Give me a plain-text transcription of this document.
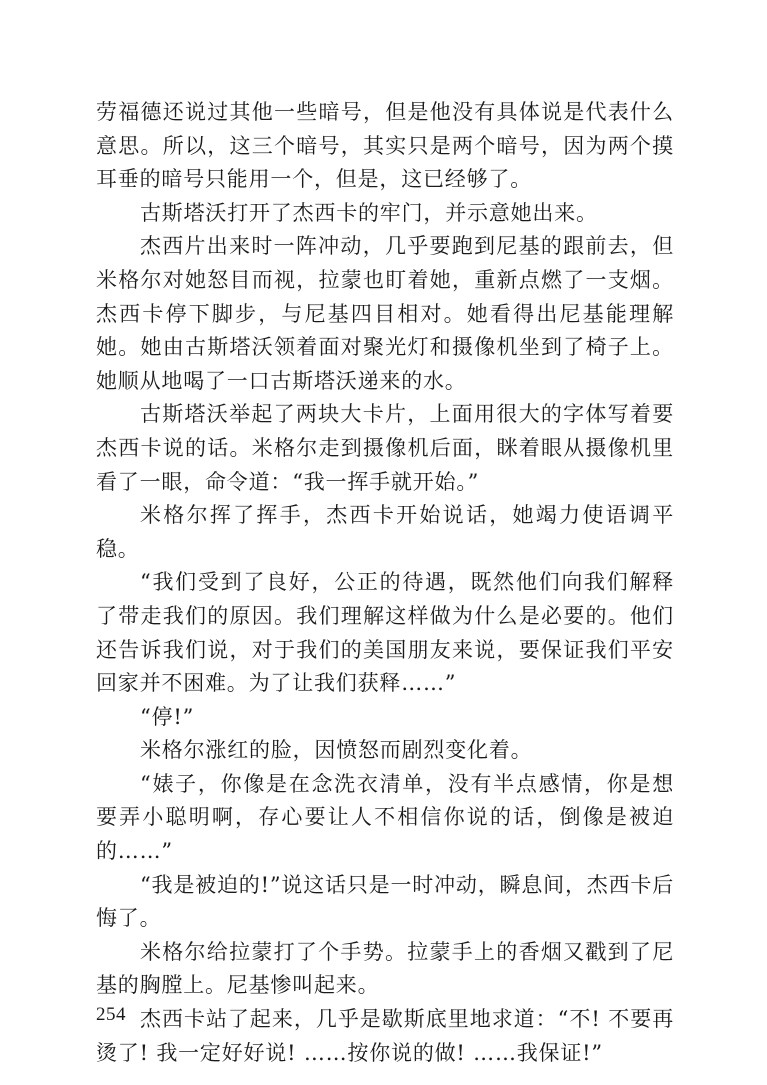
劳福德还说过其他一些暗号，但是他没有具体说是代表什么意思。所以，这三个暗号，其实只是两个暗号，因为两个摸耳垂的暗号只能用一个，但是，这已经够了。

古斯塔沃打开了杰西卡的牢门，并示意她出来。

杰西片出来时一阵冲动，几乎要跑到尼基的跟前去，但米格尔对她怒目而视，拉蒙也盯着她，重新点燃了一支烟。杰西卡停下脚步，与尼基四目相对。她看得出尼基能理解她。她由古斯塔沃领着面对聚光灯和摄像机坐到了椅子上。她顺从地喝了一口古斯塔沃递来的水。

古斯塔沃举起了两块大卡片，上面用很大的字体写着要杰西卡说的话。米格尔走到摄像机后面，眯着眼从摄像机里看了一眼，命令道：“我一挥手就开始。”

米格尔挥了挥手，杰西卡开始说话，她竭力使语调平稳。

“我们受到了良好，公正的待遇，既然他们向我们解释了带走我们的原因。我们理解这样做为什么是必要的。他们还告诉我们说，对于我们的美国朋友来说，要保证我们平安回家并不困难。为了让我们获释……”

“停!”

米格尔涨红的脸，因愤怒而剧烈变化着。

“婊子，你像是在念洗衣清单，没有半点感情，你是想要弄小聪明啊，存心要让人不相信你说的话，倒像是被迫的……”

“我是被迫的!”说这话只是一时冲动，瞬息间，杰西卡后悔了。

米格尔给拉蒙打了个手势。拉蒙手上的香烟又戳到了尼基的胸膛上。尼基惨叫起来。

杰西卡站了起来，几乎是歇斯底里地求道：“不! 不要再烫了! 我一定好好说! ……按你说的做! ……我保证!”

254
